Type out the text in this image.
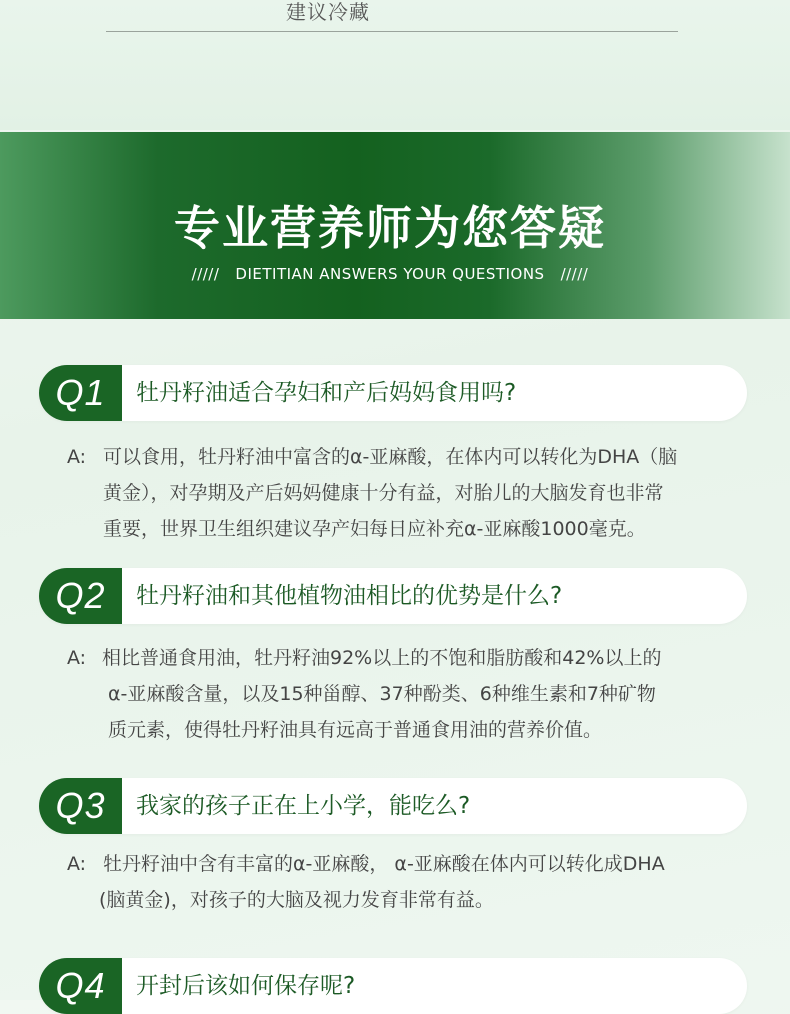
建议冷藏
专业营养师为您答疑
///// DIETITIAN ANSWERS YOUR QUESTIONS /////
Q1	牡丹籽油适合孕妇和产后妈妈食用吗?
A: 可以食用，牡丹籽油中富含的α-亚麻酸，在体内可以转化为DHA（脑
黄金），对孕期及产后妈妈健康十分有益，对胎儿的大脑发育也非常
重要，世界卫生组织建议孕产妇每日应补充α-亚麻酸1000毫克。
Q2	牡丹籽油和其他植物油相比的优势是什么?
A: 相比普通食用油，牡丹籽油92%以上的不饱和脂肪酸和42%以上的
α-亚麻酸含量，以及15种甾醇、37种酚类、6种维生素和7种矿物
质元素，使得牡丹籽油具有远高于普通食用油的营养价值。
Q3	我家的孩子正在上小学，能吃么?
A: 牡丹籽油中含有丰富的α-亚麻酸， α-亚麻酸在体内可以转化成DHA
(脑黄金)，对孩子的大脑及视力发育非常有益。
Q4	开封后该如何保存呢?
